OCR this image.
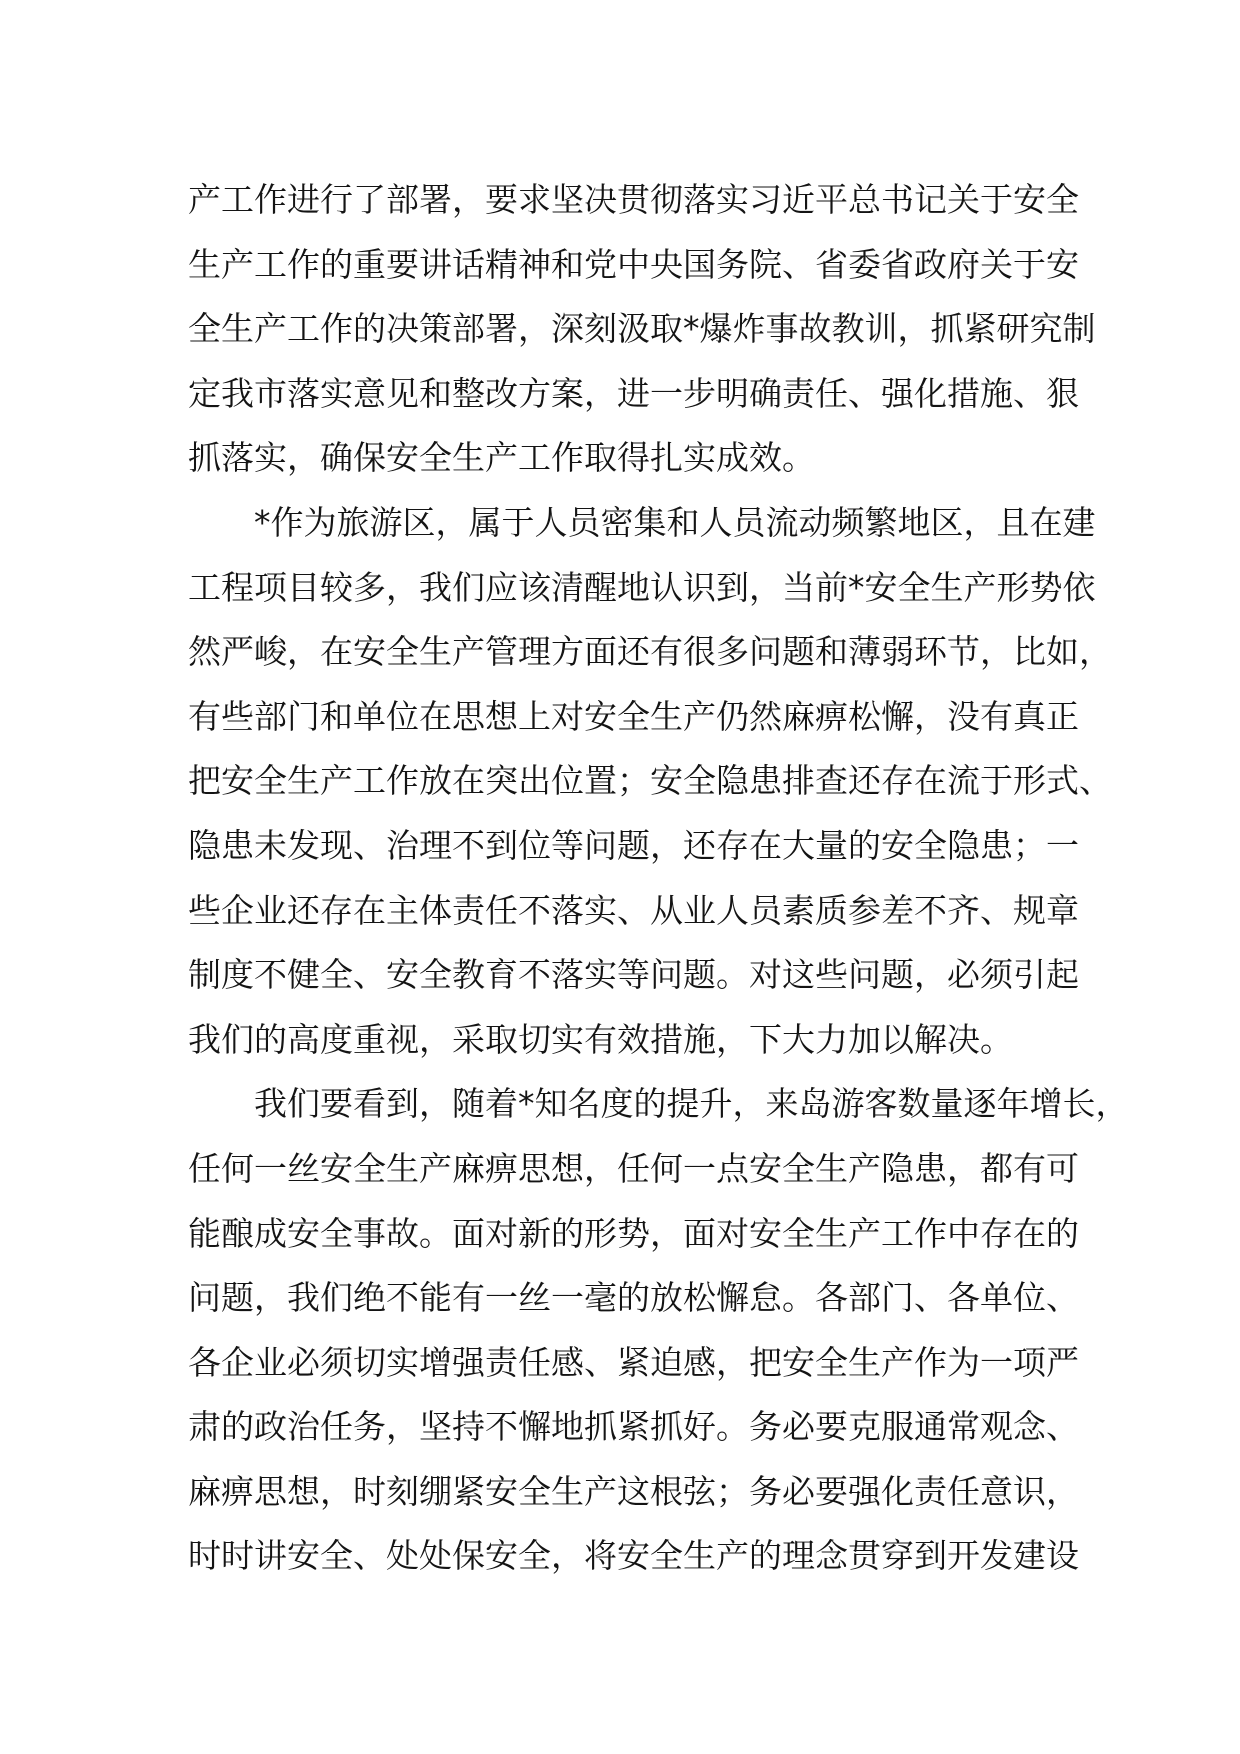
产工作进行了部署，要求坚决贯彻落实习近平总书记关于安全
生产工作的重要讲话精神和党中央国务院、省委省政府关于安
全生产工作的决策部署，深刻汲取*爆炸事故教训，抓紧研究制
定我市落实意见和整改方案，进一步明确责任、强化措施、狠
抓落实，确保安全生产工作取得扎实成效。
*作为旅游区，属于人员密集和人员流动频繁地区，且在建
工程项目较多，我们应该清醒地认识到，当前*安全生产形势依
然严峻，在安全生产管理方面还有很多问题和薄弱环节，比如，
有些部门和单位在思想上对安全生产仍然麻痹松懈，没有真正
把安全生产工作放在突出位置；安全隐患排查还存在流于形式、
隐患未发现、治理不到位等问题，还存在大量的安全隐患；一
些企业还存在主体责任不落实、从业人员素质参差不齐、规章
制度不健全、安全教育不落实等问题。对这些问题，必须引起
我们的高度重视，采取切实有效措施，下大力加以解决。
我们要看到，随着*知名度的提升，来岛游客数量逐年增长，
任何一丝安全生产麻痹思想，任何一点安全生产隐患，都有可
能酿成安全事故。面对新的形势，面对安全生产工作中存在的
问题，我们绝不能有一丝一毫的放松懈怠。各部门、各单位、
各企业必须切实增强责任感、紧迫感，把安全生产作为一项严
肃的政治任务，坚持不懈地抓紧抓好。务必要克服通常观念、
麻痹思想，时刻绷紧安全生产这根弦；务必要强化责任意识，
时时讲安全、处处保安全，将安全生产的理念贯穿到开发建设
